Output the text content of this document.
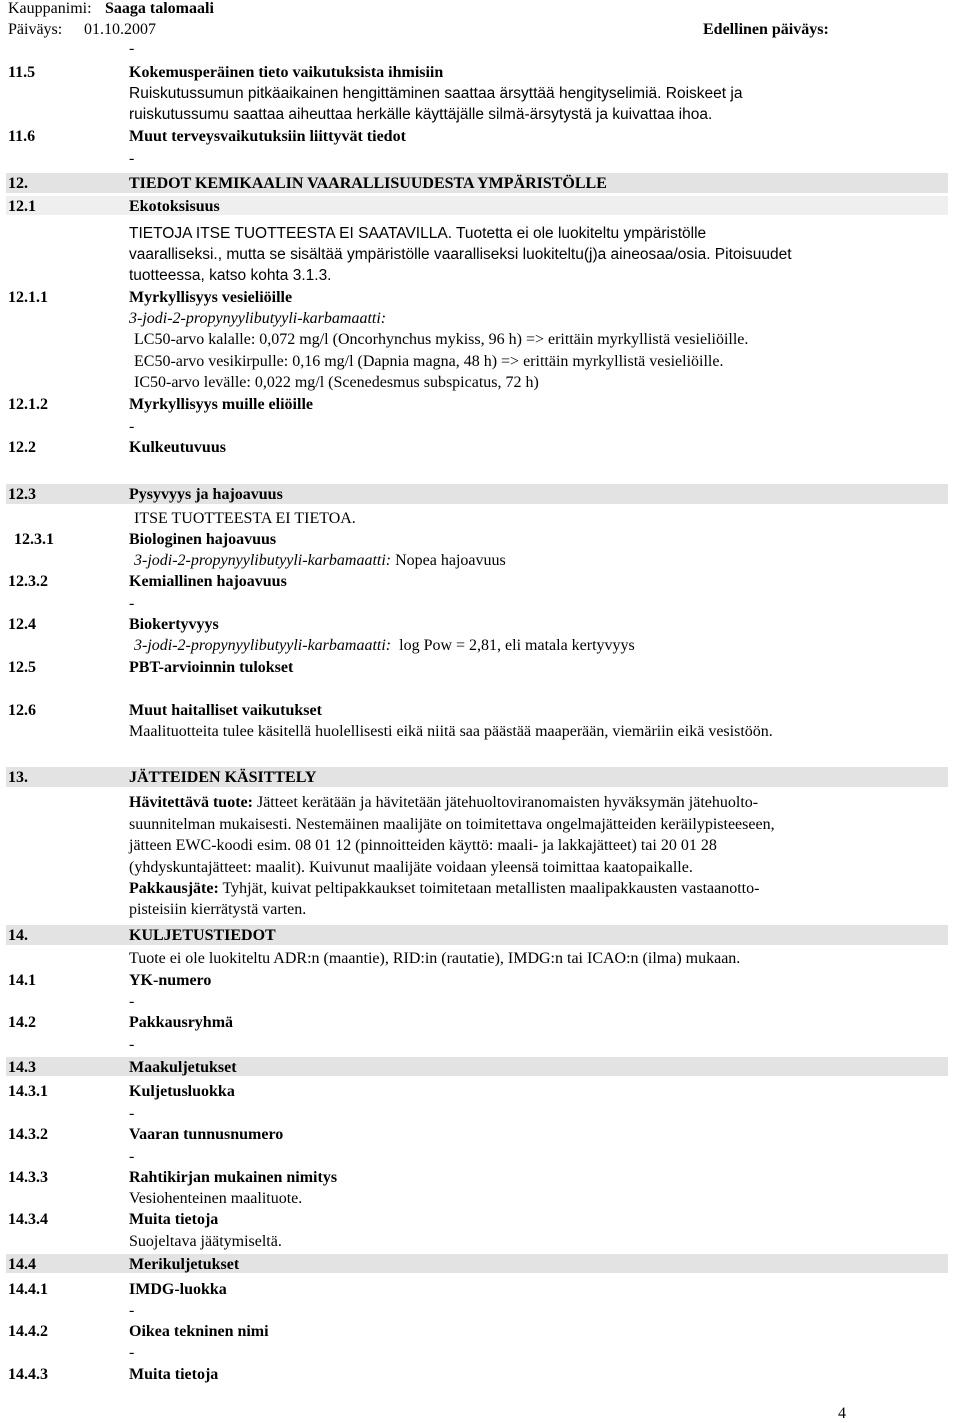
Kauppanimi: Saaga talomaali
Päiväys: 01.10.2007	Edellinen päiväys:
-
11.5	Kokemusperäinen tieto vaikutuksista ihmisiin
Ruiskutussumun pitkäaikainen hengittäminen saattaa ärsyttää hengityselimiä. Roiskeet ja
ruiskutussumu saattaa aiheuttaa herkälle käyttäjälle silmä-ärsytystä ja kuivattaa ihoa.
11.6	Muut terveysvaikutuksiin liittyvät tiedot
-
12.	TIEDOT KEMIKAALIN VAARALLISUUDESTA YMPÄRISTÖLLE
12.1	Ekotoksisuus
TIETOJA ITSE TUOTTEESTA EI SAATAVILLA. Tuotetta ei ole luokiteltu ympäristölle
vaaralliseksi., mutta se sisältää ympäristölle vaaralliseksi luokiteltu(j)a aineosaa/osia. Pitoisuudet
tuotteessa, katso kohta 3.1.3.
12.1.1	Myrkyllisyys vesieliöille
3-jodi-2-propynyylibutyyli-karbamaatti:
LC50-arvo kalalle: 0,072 mg/l (Oncorhynchus mykiss, 96 h) => erittäin myrkyllistä vesieliöille.
EC50-arvo vesikirpulle: 0,16 mg/l (Dapnia magna, 48 h) => erittäin myrkyllistä vesieliöille.
IC50-arvo levälle: 0,022 mg/l (Scenedesmus subspicatus, 72 h)
12.1.2	Myrkyllisyys muille eliöille
-
12.2	Kulkeutuvuus
12.3	Pysyvyys ja hajoavuus
ITSE TUOTTEESTA EI TIETOA.
12.3.1	Biologinen hajoavuus
3-jodi-2-propynyylibutyyli-karbamaatti: Nopea hajoavuus
12.3.2	Kemiallinen hajoavuus
-
12.4	Biokertyvyys
3-jodi-2-propynyylibutyyli-karbamaatti: log Pow = 2,81, eli matala kertyvyys
12.5	PBT-arvioinnin tulokset
12.6	Muut haitalliset vaikutukset
Maalituotteita tulee käsitellä huolellisesti eikä niitä saa päästää maaperään, viemäriin eikä vesistöön.
13.	JÄTTEIDEN KÄSITTELY
Hävitettävä tuote: Jätteet kerätään ja hävitetään jätehuoltoviranomaisten hyväksymän jätehuolto-
suunnitelman mukaisesti. Nestemäinen maalijäte on toimitettava ongelmajätteiden keräilypisteeseen,
jätteen EWC-koodi esim. 08 01 12 (pinnoitteiden käyttö: maali- ja lakkajätteet) tai 20 01 28
(yhdyskuntajätteet: maalit). Kuivunut maalijäte voidaan yleensä toimittaa kaatopaikalle.
Pakkausjäte: Tyhjät, kuivat peltipakkaukset toimitetaan metallisten maalipakkausten vastaanotto-
pisteisiin kierrätystä varten.
14.	KULJETUSTIEDOT
Tuote ei ole luokiteltu ADR:n (maantie), RID:in (rautatie), IMDG:n tai ICAO:n (ilma) mukaan.
14.1	YK-numero
-
14.2	Pakkausryhmä
-
14.3	Maakuljetukset
14.3.1	Kuljetusluokka
-
14.3.2	Vaaran tunnusnumero
-
14.3.3	Rahtikirjan mukainen nimitys
Vesiohenteinen maalituote.
14.3.4	Muita tietoja
Suojeltava jäätymiseltä.
14.4	Merikuljetukset
14.4.1	IMDG-luokka
-
14.4.2	Oikea tekninen nimi
-
14.4.3	Muita tietoja
4
